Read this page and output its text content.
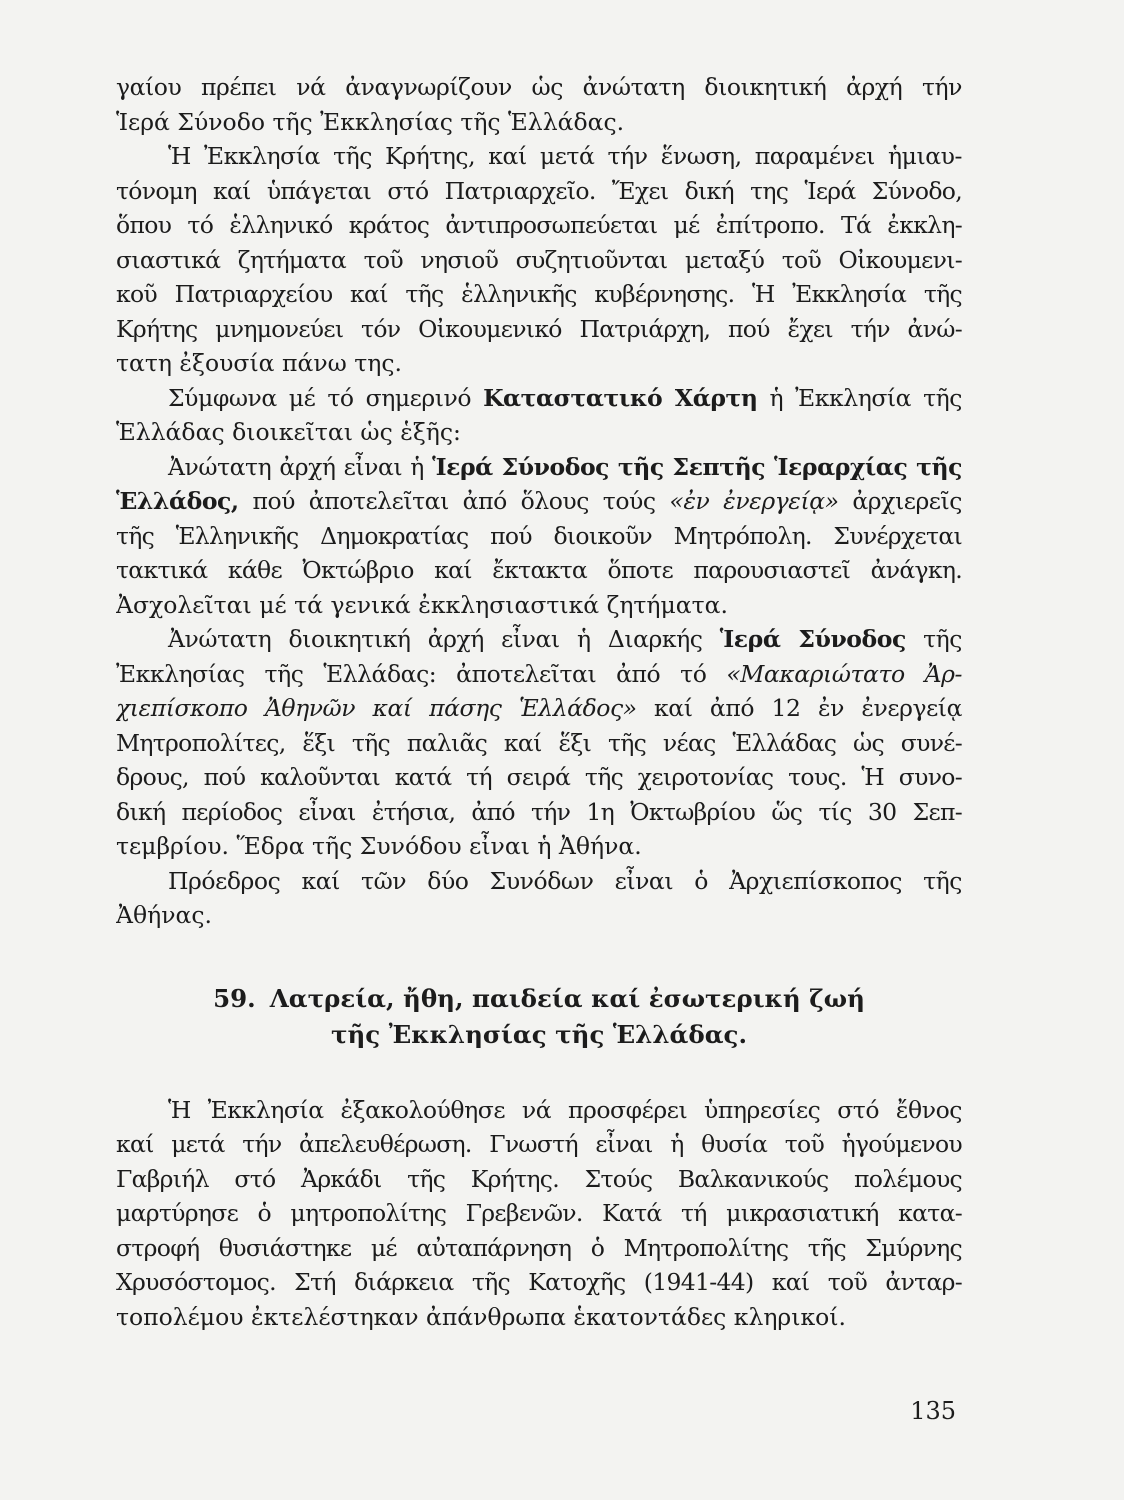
γαίου πρέπει νά ἀναγνωρίζουν ὡς ἀνώτατη διοικητική ἀρχή τήν
Ἱερά Σύνοδο τῆς Ἐκκλησίας τῆς Ἑλλάδας.
Ἡ Ἐκκλησία τῆς Κρήτης, καί μετά τήν ἕνωση, παραμένει ἡμιαυ-
τόνομη καί ὑπάγεται στό Πατριαρχεῖο. Ἔχει δική της Ἱερά Σύνοδο,
ὅπου τό ἑλληνικό κράτος ἀντιπροσωπεύεται μέ ἐπίτροπο. Τά ἐκκλη-
σιαστικά ζητήματα τοῦ νησιοῦ συζητιοῦνται μεταξύ τοῦ Οἰκουμενι-
κοῦ Πατριαρχείου καί τῆς ἑλληνικῆς κυβέρνησης. Ἡ Ἐκκλησία τῆς
Κρήτης μνημονεύει τόν Οἰκουμενικό Πατριάρχη, πού ἔχει τήν ἀνώ-
τατη ἐξουσία πάνω της.
Σύμφωνα μέ τό σημερινό Καταστατικό Χάρτη ἡ Ἐκκλησία τῆς
Ἑλλάδας διοικεῖται ὡς ἑξῆς:
Ἀνώτατη ἀρχή εἶναι ἡ Ἱερά Σύνοδος τῆς Σεπτῆς Ἱεραρχίας τῆς
Ἑλλάδος, πού ἀποτελεῖται ἀπό ὅλους τούς «ἐν ἐνεργείᾳ» ἀρχιερεῖς
τῆς Ἑλληνικῆς Δημοκρατίας πού διοικοῦν Μητρόπολη. Συνέρχεται
τακτικά κάθε Ὀκτώβριο καί ἔκτακτα ὅποτε παρουσιαστεῖ ἀνάγκη.
Ἀσχολεῖται μέ τά γενικά ἐκκλησιαστικά ζητήματα.
Ἀνώτατη διοικητική ἀρχή εἶναι ἡ Διαρκής Ἱερά Σύνοδος τῆς
Ἐκκλησίας τῆς Ἑλλάδας: ἀποτελεῖται ἀπό τό «Μακαριώτατο Ἀρ-
χιεπίσκοπο Ἀθηνῶν καί πάσης Ἑλλάδος» καί ἀπό 12 ἐν ἐνεργείᾳ
Μητροπολίτες, ἕξι τῆς παλιᾶς καί ἕξι τῆς νέας Ἑλλάδας ὡς συνέ-
δρους, πού καλοῦνται κατά τή σειρά τῆς χειροτονίας τους. Ἡ συνο-
δική περίοδος εἶναι ἐτήσια, ἀπό τήν 1η Ὀκτωβρίου ὥς τίς 30 Σεπ-
τεμβρίου. Ἕδρα τῆς Συνόδου εἶναι ἡ Ἀθήνα.
Πρόεδρος καί τῶν δύο Συνόδων εἶναι ὁ Ἀρχιεπίσκοπος τῆς
Ἀθήνας.
59. Λατρεία, ἤθη, παιδεία καί ἐσωτερική ζωή
τῆς Ἐκκλησίας τῆς Ἑλλάδας.
Ἡ Ἐκκλησία ἐξακολούθησε νά προσφέρει ὑπηρεσίες στό ἔθνος
καί μετά τήν ἀπελευθέρωση. Γνωστή εἶναι ἡ θυσία τοῦ ἡγούμενου
Γαβριήλ στό Ἀρκάδι τῆς Κρήτης. Στούς Βαλκανικούς πολέμους
μαρτύρησε ὁ μητροπολίτης Γρεβενῶν. Κατά τή μικρασιατική κατα-
στροφή θυσιάστηκε μέ αὐταπάρνηση ὁ Μητροπολίτης τῆς Σμύρνης
Χρυσόστομος. Στή διάρκεια τῆς Κατοχῆς (1941-44) καί τοῦ ἀνταρ-
τοπολέμου ἐκτελέστηκαν ἀπάνθρωπα ἑκατοντάδες κληρικοί.
135
